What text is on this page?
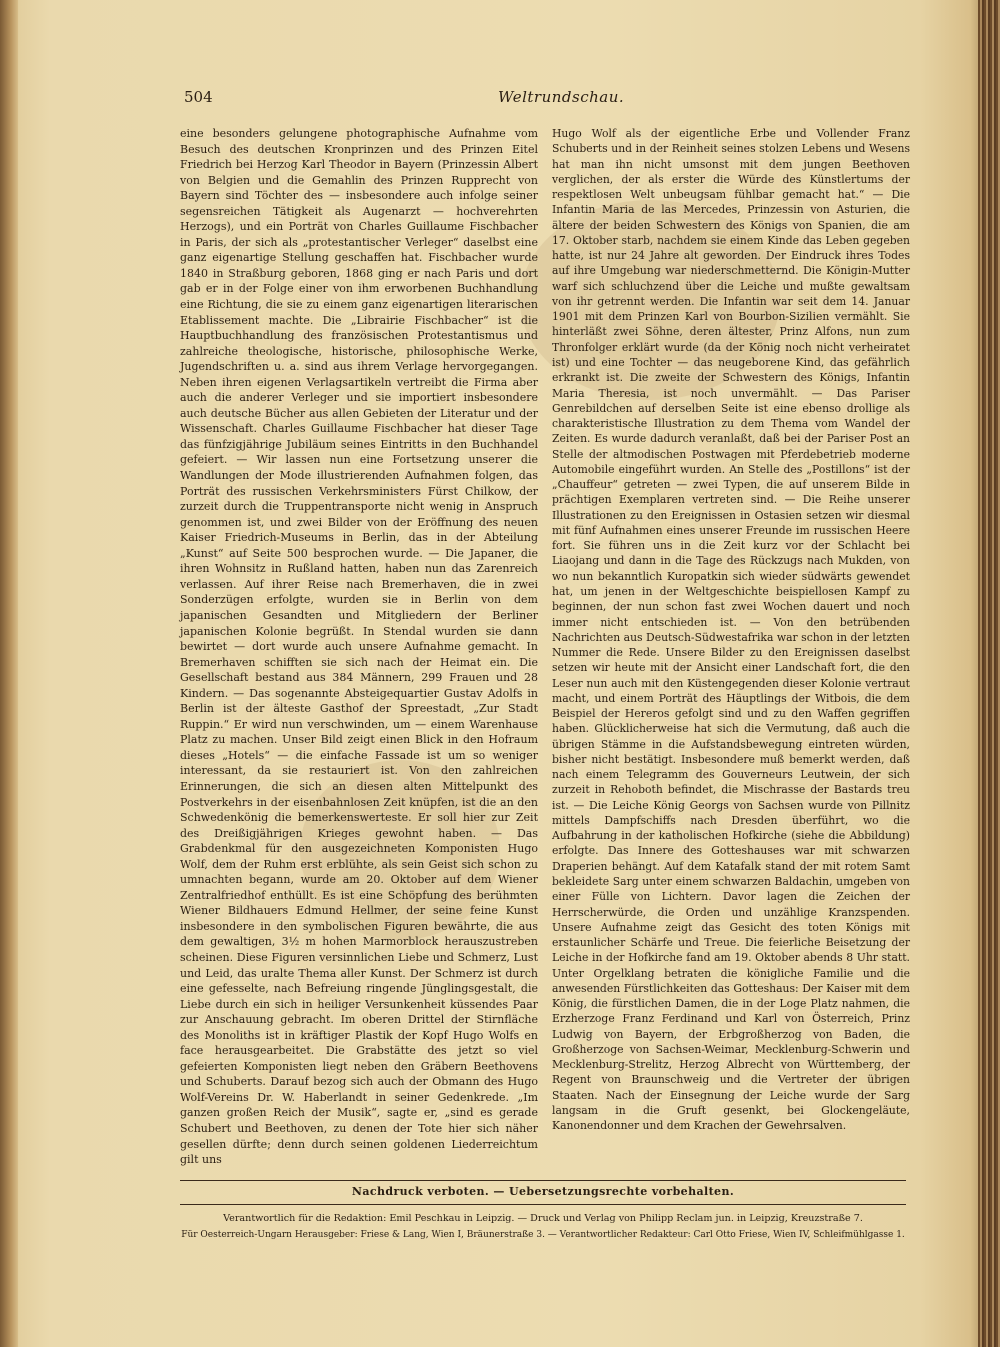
504	Weltrundschau.

eine besonders gelungene photographische Aufnahme vom Besuch des deutschen Kronprinzen und des Prinzen Eitel Friedrich bei Herzog Karl Theodor in Bayern (Prinzessin Albert von Belgien und die Gemahlin des Prinzen Rupprecht von Bayern sind Töchter des — insbesondere auch infolge seiner segensreichen Tätigkeit als Augenarzt — hochverehrten Herzogs), und ein Porträt von Charles Guillaume Fischbacher in Paris, der sich als „protestantischer Verleger“ daselbst eine ganz eigenartige Stellung geschaffen hat. Fischbacher wurde 1840 in Straßburg geboren, 1868 ging er nach Paris und dort gab er in der Folge einer von ihm erworbenen Buchhandlung eine Richtung, die sie zu einem ganz eigenartigen literarischen Etablissement machte. Die „Librairie Fischbacher“ ist die Hauptbuchhandlung des französischen Protestantismus und zahlreiche theologische, historische, philosophische Werke, Jugendschriften u. a. sind aus ihrem Verlage hervorgegangen. Neben ihren eigenen Verlagsartikeln vertreibt die Firma aber auch die anderer Verleger und sie importiert insbesondere auch deutsche Bücher aus allen Gebieten der Literatur und der Wissenschaft. Charles Guillaume Fischbacher hat dieser Tage das fünfzigjährige Jubiläum seines Eintritts in den Buchhandel gefeiert. — Wir lassen nun eine Fortsetzung unserer die Wandlungen der Mode illustrierenden Aufnahmen folgen, das Porträt des russischen Verkehrsministers Fürst Chilkow, der zurzeit durch die Truppentransporte nicht wenig in Anspruch genommen ist, und zwei Bilder von der Eröffnung des neuen Kaiser Friedrich-Museums in Berlin, das in der Abteilung „Kunst“ auf Seite 500 besprochen wurde. — Die Japaner, die ihren Wohnsitz in Rußland hatten, haben nun das Zarenreich verlassen. Auf ihrer Reise nach Bremerhaven, die in zwei Sonderzügen erfolgte, wurden sie in Berlin von dem japanischen Gesandten und Mitgliedern der Berliner japanischen Kolonie begrüßt. In Stendal wurden sie dann bewirtet — dort wurde auch unsere Aufnahme gemacht. In Bremerhaven schifften sie sich nach der Heimat ein. Die Gesellschaft bestand aus 384 Männern, 299 Frauen und 28 Kindern. — Das sogenannte Absteigequartier Gustav Adolfs in Berlin ist der älteste Gasthof der Spreestadt, „Zur Stadt Ruppin.“ Er wird nun verschwinden, um — einem Warenhause Platz zu machen. Unser Bild zeigt einen Blick in den Hofraum dieses „Hotels“ — die einfache Fassade ist um so weniger interessant, da sie restauriert ist. Von den zahlreichen Erinnerungen, die sich an diesen alten Mittelpunkt des Postverkehrs in der eisenbahnlosen Zeit knüpfen, ist die an den Schwedenkönig die bemerkenswerteste. Er soll hier zur Zeit des Dreißigjährigen Krieges gewohnt haben. — Das Grabdenkmal für den ausgezeichneten Komponisten Hugo Wolf, dem der Ruhm erst erblühte, als sein Geist sich schon zu umnachten begann, wurde am 20. Oktober auf dem Wiener Zentralfriedhof enthüllt. Es ist eine Schöpfung des berühmten Wiener Bildhauers Edmund Hellmer, der seine feine Kunst insbesondere in den symbolischen Figuren bewährte, die aus dem gewaltigen, 3½ m hohen Marmorblock herauszustreben scheinen. Diese Figuren versinnlichen Liebe und Schmerz, Lust und Leid, das uralte Thema aller Kunst. Der Schmerz ist durch eine gefesselte, nach Befreiung ringende Jünglingsgestalt, die Liebe durch ein sich in heiliger Versunkenheit küssendes Paar zur Anschauung gebracht. Im oberen Drittel der Stirnfläche des Monoliths ist in kräftiger Plastik der Kopf Hugo Wolfs en face herausgearbeitet. Die Grabstätte des jetzt so viel gefeierten Komponisten liegt neben den Gräbern Beethovens und Schuberts. Darauf bezog sich auch der Obmann des Hugo Wolf-Vereins Dr. W. Haberlandt in seiner Gedenkrede. „Im ganzen großen Reich der Musik“, sagte er, „sind es gerade Schubert und Beethoven, zu denen der Tote hier sich näher gesellen dürfte; denn durch seinen goldenen Liederreichtum gilt uns

Hugo Wolf als der eigentliche Erbe und Vollender Franz Schuberts und in der Reinheit seines stolzen Lebens und Wesens hat man ihn nicht umsonst mit dem jungen Beethoven verglichen, der als erster die Würde des Künstlertums der respektlosen Welt unbeugsam fühlbar gemacht hat.“ — Die Infantin Maria de las Mercedes, Prinzessin von Asturien, die ältere der beiden Schwestern des Königs von Spanien, die am 17. Oktober starb, nachdem sie einem Kinde das Leben gegeben hatte, ist nur 24 Jahre alt geworden. Der Eindruck ihres Todes auf ihre Umgebung war niederschmetternd. Die Königin-Mutter warf sich schluchzend über die Leiche und mußte gewaltsam von ihr getrennt werden. Die Infantin war seit dem 14. Januar 1901 mit dem Prinzen Karl von Bourbon-Sizilien vermählt. Sie hinterläßt zwei Söhne, deren ältester, Prinz Alfons, nun zum Thronfolger erklärt wurde (da der König noch nicht verheiratet ist) und eine Tochter — das neugeborene Kind, das gefährlich erkrankt ist. Die zweite der Schwestern des Königs, Infantin Maria Theresia, ist noch unvermählt. — Das Pariser Genrebildchen auf derselben Seite ist eine ebenso drollige als charakteristische Illustration zu dem Thema vom Wandel der Zeiten. Es wurde dadurch veranlaßt, daß bei der Pariser Post an Stelle der altmodischen Postwagen mit Pferdebetrieb moderne Automobile eingeführt wurden. An Stelle des „Postillons“ ist der „Chauffeur“ getreten — zwei Typen, die auf unserem Bilde in prächtigen Exemplaren vertreten sind. — Die Reihe unserer Illustrationen zu den Ereignissen in Ostasien setzen wir diesmal mit fünf Aufnahmen eines unserer Freunde im russischen Heere fort. Sie führen uns in die Zeit kurz vor der Schlacht bei Liaojang und dann in die Tage des Rückzugs nach Mukden, von wo nun bekanntlich Kuropatkin sich wieder südwärts gewendet hat, um jenen in der Weltgeschichte beispiellosen Kampf zu beginnen, der nun schon fast zwei Wochen dauert und noch immer nicht entschieden ist. — Von den betrübenden Nachrichten aus Deutsch-Südwestafrika war schon in der letzten Nummer die Rede. Unsere Bilder zu den Ereignissen daselbst setzen wir heute mit der Ansicht einer Landschaft fort, die den Leser nun auch mit den Küstengegenden dieser Kolonie vertraut macht, und einem Porträt des Häuptlings der Witbois, die dem Beispiel der Hereros gefolgt sind und zu den Waffen gegriffen haben. Glücklicherweise hat sich die Vermutung, daß auch die übrigen Stämme in die Aufstandsbewegung eintreten würden, bisher nicht bestätigt. Insbesondere muß bemerkt werden, daß nach einem Telegramm des Gouverneurs Leutwein, der sich zurzeit in Rehoboth befindet, die Mischrasse der Bastards treu ist. — Die Leiche König Georgs von Sachsen wurde von Pillnitz mittels Dampfschiffs nach Dresden überführt, wo die Aufbahrung in der katholischen Hofkirche (siehe die Abbildung) erfolgte. Das Innere des Gotteshauses war mit schwarzen Draperien behängt. Auf dem Katafalk stand der mit rotem Samt bekleidete Sarg unter einem schwarzen Baldachin, umgeben von einer Fülle von Lichtern. Davor lagen die Zeichen der Herrscherwürde, die Orden und unzählige Kranzspenden. Unsere Aufnahme zeigt das Gesicht des toten Königs mit erstaunlicher Schärfe und Treue. Die feierliche Beisetzung der Leiche in der Hofkirche fand am 19. Oktober abends 8 Uhr statt. Unter Orgelklang betraten die königliche Familie und die anwesenden Fürstlichkeiten das Gotteshaus: Der Kaiser mit dem König, die fürstlichen Damen, die in der Loge Platz nahmen, die Erzherzoge Franz Ferdinand und Karl von Österreich, Prinz Ludwig von Bayern, der Erbgroßherzog von Baden, die Großherzoge von Sachsen-Weimar, Mecklenburg-Schwerin und Mecklenburg-Strelitz, Herzog Albrecht von Württemberg, der Regent von Braunschweig und die Vertreter der übrigen Staaten. Nach der Einsegnung der Leiche wurde der Sarg langsam in die Gruft gesenkt, bei Glockengeläute, Kanonendonner und dem Krachen der Gewehrsalven.

Nachdruck verboten. — Uebersetzungsrechte vorbehalten.
Verantwortlich für die Redaktion: Emil Peschkau in Leipzig. — Druck und Verlag von Philipp Reclam jun. in Leipzig, Kreuzstraße 7.
Für Oesterreich-Ungarn Herausgeber: Friese & Lang, Wien I, Bräunerstraße 3. — Verantwortlicher Redakteur: Carl Otto Friese, Wien IV, Schleifmühlgasse 1.
